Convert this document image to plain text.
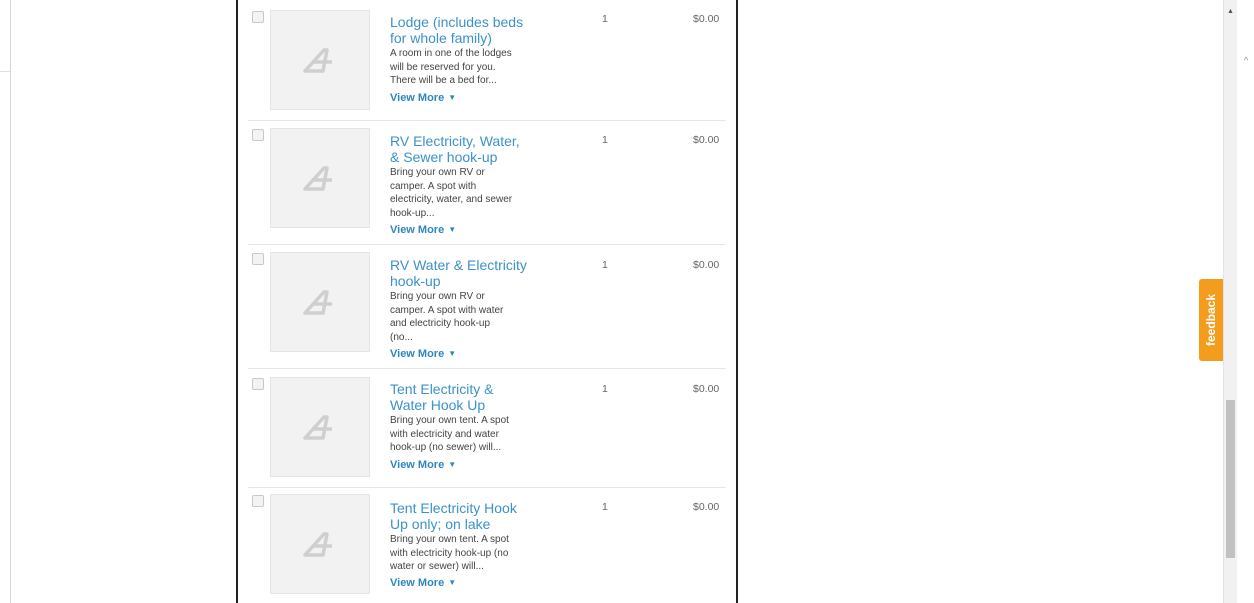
Lodge (includes beds
for whole family)
A room in one of the lodges
will be reserved for you.
There will be a bed for...
View More ▼
1	$0.00
RV Electricity, Water,
& Sewer hook-up
Bring your own RV or
camper. A spot with
electricity, water, and sewer
hook-up...
View More ▼
1	$0.00
RV Water & Electricity
hook-up
Bring your own RV or
camper. A spot with water
and electricity hook-up
(no...
View More ▼
1	$0.00
Tent Electricity &
Water Hook Up
Bring your own tent. A spot
with electricity and water
hook-up (no sewer) will...
View More ▼
1	$0.00
Tent Electricity Hook
Up only; on lake
Bring your own tent. A spot
with electricity hook-up (no
water or sewer) will...
View More ▼
1	$0.00
feedback
▲
^
